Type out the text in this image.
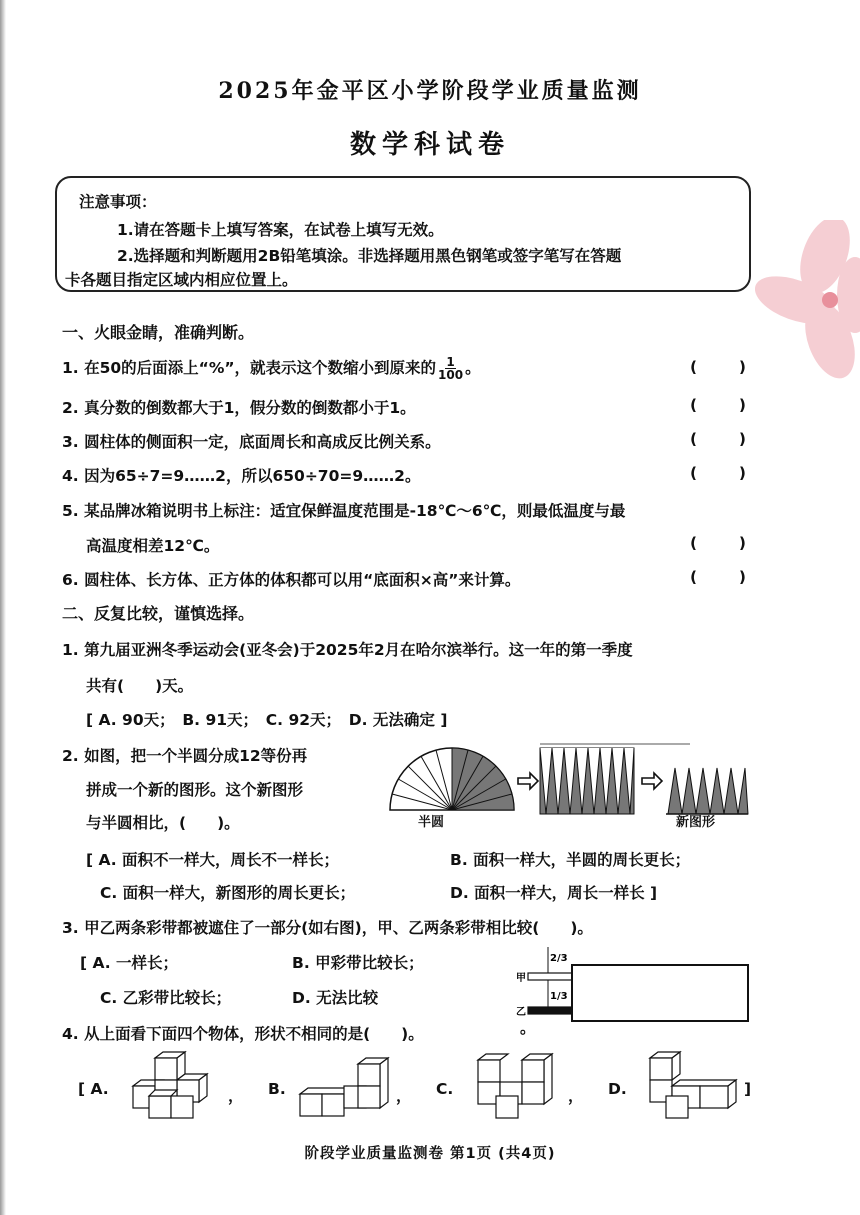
2025年金平区小学阶段学业质量监测
数学科试卷
注意事项：
1.请在答题卡上填写答案，在试卷上填写无效。
2.选择题和判断题用2B铅笔填涂。非选择题用黑色钢笔或签字笔写在答题
卡各题目指定区域内相应位置上。
一、火眼金睛，准确判断。
1. 在50的后面添上“%”，就表示这个数缩小到原来的 $\frac{1}{100}$ 。	(	)
2. 真分数的倒数都大于1，假分数的倒数都小于1。	(	)
3. 圆柱体的侧面积一定，底面周长和高成反比例关系。	(	)
4. 因为65÷7=9……2，所以650÷70=9……2。	(	)
5. 某品牌冰箱说明书上标注：适宜保鲜温度范围是-18℃～6℃，则最低温度与最
高温度相差12℃。	(	)
6. 圆柱体、长方体、正方体的体积都可以用“底面积×高”来计算。	(	)
二、反复比较，谨慎选择。
1. 第九届亚洲冬季运动会(亚冬会)于2025年2月在哈尔滨举行。这一年的第一季度
共有(　　)天。
[ A. 90天；　B. 91天；　C. 92天；　D. 无法确定 ]
2. 如图，把一个半圆分成12等份再
拼成一个新的图形。这个新图形
与半圆相比，(　　)。	半圆	新图形
[ A. 面积不一样大，周长不一样长；	B. 面积一样大，半圆的周长更长；
C. 面积一样大，新图形的周长更长；	D. 面积一样大，周长一样长 ]
3. 甲乙两条彩带都被遮住了一部分(如右图)，甲、乙两条彩带相比较(　　)。
[ A. 一样长；	B. 甲彩带比较长；
C. 乙彩带比较长；	D. 无法比较
甲
乙
2/3
1/3
。
4. 从上面看下面四个物体，形状不相同的是(　　)。
[ A.	， B.	， C.	， D.	]
阶段学业质量监测卷 第1页 (共4页)
